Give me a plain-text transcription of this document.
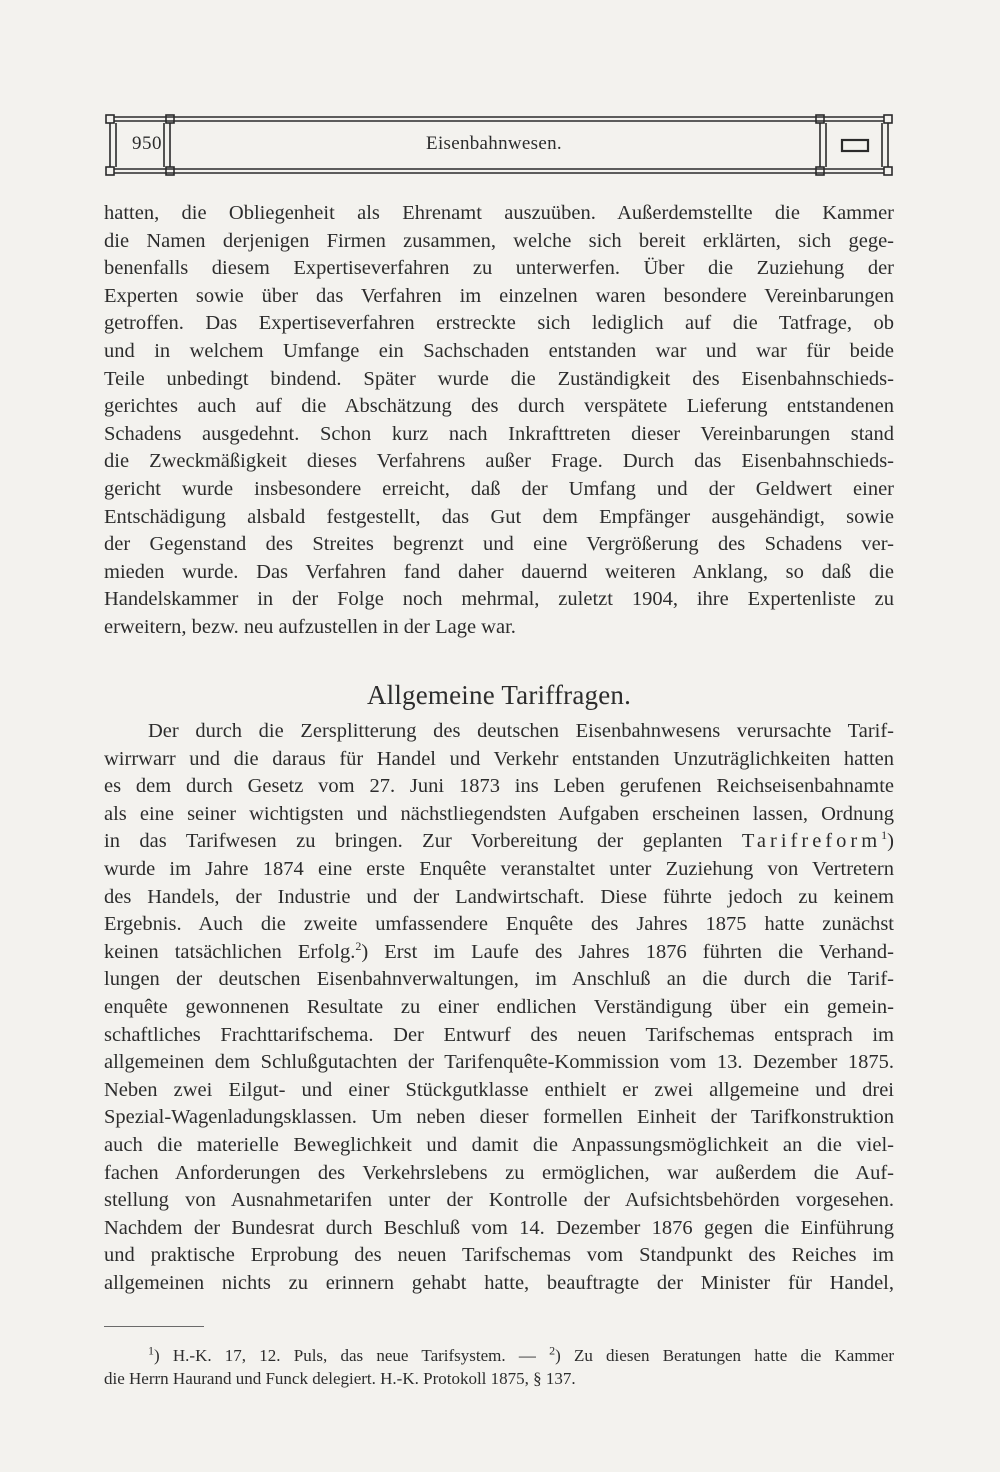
950	Eisenbahnwesen.
hatten, die Obliegenheit als Ehrenamt auszuüben. Außerdemstellte die Kammer
die Namen derjenigen Firmen zusammen, welche sich bereit erklärten, sich gege-
benenfalls diesem Expertiseverfahren zu unterwerfen. Über die Zuziehung der
Experten sowie über das Verfahren im einzelnen waren besondere Vereinbarungen
getroffen. Das Expertiseverfahren erstreckte sich lediglich auf die Tatfrage, ob
und in welchem Umfange ein Sachschaden entstanden war und war für beide
Teile unbedingt bindend. Später wurde die Zuständigkeit des Eisenbahnschieds-
gerichtes auch auf die Abschätzung des durch verspätete Lieferung entstandenen
Schadens ausgedehnt. Schon kurz nach Inkrafttreten dieser Vereinbarungen stand
die Zweckmäßigkeit dieses Verfahrens außer Frage. Durch das Eisenbahnschieds-
gericht wurde insbesondere erreicht, daß der Umfang und der Geldwert einer
Entschädigung alsbald festgestellt, das Gut dem Empfänger ausgehändigt, sowie
der Gegenstand des Streites begrenzt und eine Vergrößerung des Schadens ver-
mieden wurde. Das Verfahren fand daher dauernd weiteren Anklang, so daß die
Handelskammer in der Folge noch mehrmal, zuletzt 1904, ihre Expertenliste zu
erweitern, bezw. neu aufzustellen in der Lage war.
Allgemeine Tariffragen.
Der durch die Zersplitterung des deutschen Eisenbahnwesens verursachte Tarif-
wirrwarr und die daraus für Handel und Verkehr entstanden Unzuträglichkeiten hatten
es dem durch Gesetz vom 27. Juni 1873 ins Leben gerufenen Reichseisenbahnamte
als eine seiner wichtigsten und nächstliegendsten Aufgaben erscheinen lassen, Ordnung
in das Tarifwesen zu bringen. Zur Vorbereitung der geplanten Tarifreform$^1$)
wurde im Jahre 1874 eine erste Enquête veranstaltet unter Zuziehung von Vertretern
des Handels, der Industrie und der Landwirtschaft. Diese führte jedoch zu keinem
Ergebnis. Auch die zweite umfassendere Enquête des Jahres 1875 hatte zunächst
keinen tatsächlichen Erfolg.$^2$) Erst im Laufe des Jahres 1876 führten die Verhand-
lungen der deutschen Eisenbahnverwaltungen, im Anschluß an die durch die Tarif-
enquête gewonnenen Resultate zu einer endlichen Verständigung über ein gemein-
schaftliches Frachttarifschema. Der Entwurf des neuen Tarifschemas entsprach im
allgemeinen dem Schlußgutachten der Tarifenquête-Kommission vom 13. Dezember 1875.
Neben zwei Eilgut- und einer Stückgutklasse enthielt er zwei allgemeine und drei
Spezial-Wagenladungsklassen. Um neben dieser formellen Einheit der Tarifkonstruktion
auch die materielle Beweglichkeit und damit die Anpassungsmöglichkeit an die viel-
fachen Anforderungen des Verkehrslebens zu ermöglichen, war außerdem die Auf-
stellung von Ausnahmetarifen unter der Kontrolle der Aufsichtsbehörden vorgesehen.
Nachdem der Bundesrat durch Beschluß vom 14. Dezember 1876 gegen die Einführung
und praktische Erprobung des neuen Tarifschemas vom Standpunkt des Reiches im
allgemeinen nichts zu erinnern gehabt hatte, beauftragte der Minister für Handel,
$^1$) H.-K. 17, 12. Puls, das neue Tarifsystem. — $^2$) Zu diesen Beratungen hatte die Kammer
die Herrn Haurand und Funck delegiert. H.-K. Protokoll 1875, § 137.
